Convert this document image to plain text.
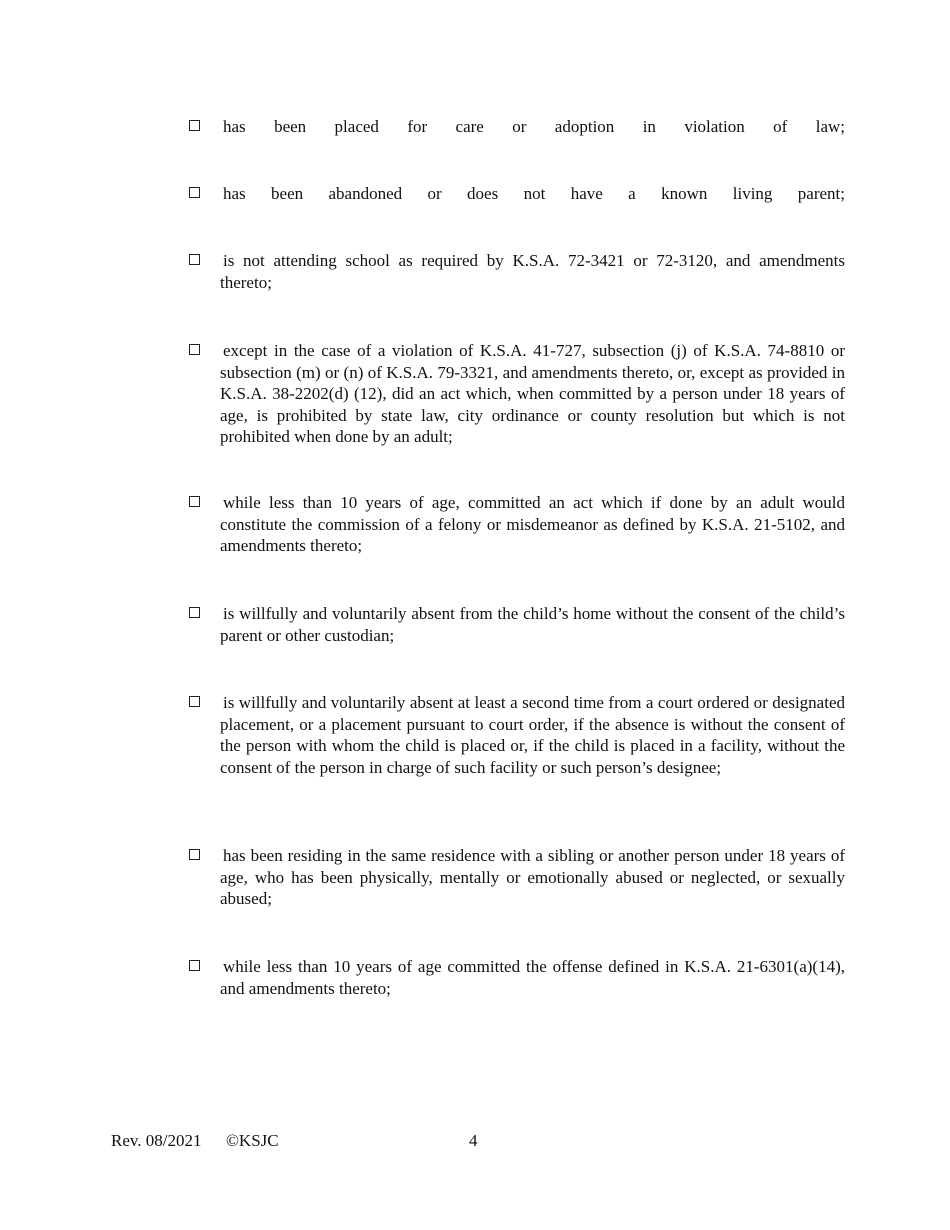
has been placed for care or adoption in violation of law;
has been abandoned or does not have a known living parent;
is not attending school as required by K.S.A. 72-3421 or 72-3120, and amendments thereto;
except in the case of a violation of K.S.A. 41-727, subsection (j) of K.S.A. 74-8810 or subsection (m) or (n) of K.S.A. 79-3321, and amendments thereto, or, except as provided in K.S.A. 38-2202(d) (12), did an act which, when committed by a person under 18 years of age, is prohibited by state law, city ordinance or county resolution but which is not prohibited when done by an adult;
while less than 10 years of age, committed an act which if done by an adult would constitute the commission of a felony or misdemeanor as defined by K.S.A. 21-5102, and amendments thereto;
is willfully and voluntarily absent from the child’s home without the consent of the child’s parent or other custodian;
is willfully and voluntarily absent at least a second time from a court ordered or designated placement, or a placement pursuant to court order, if the absence is without the consent of the person with whom the child is placed or, if the child is placed in a facility, without the consent of the person in charge of such facility or such person’s designee;
has been residing in the same residence with a sibling or another person under 18 years of age, who has been physically, mentally or emotionally abused or neglected, or sexually abused;
while less than 10 years of age committed the offense defined in K.S.A. 21-6301(a)(14), and amendments thereto;
Rev. 08/2021 ©KSJC	4
